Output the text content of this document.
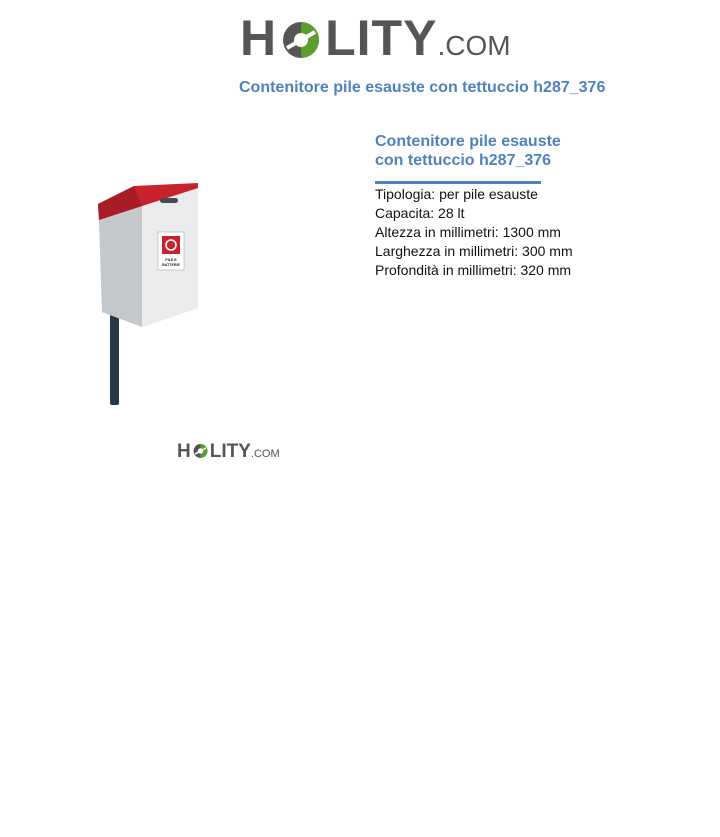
H LITY .COM
Contenitore pile esauste con tettuccio h287_376
PILE E
BATTERIE
Contenitore pile esauste
con tettuccio h287_376
Tipologia: per pile esauste
Capacita: 28 lt
Altezza in millimetri: 1300 mm
Larghezza in millimetri: 300 mm
Profondità in millimetri: 320 mm
H LITY .COM
